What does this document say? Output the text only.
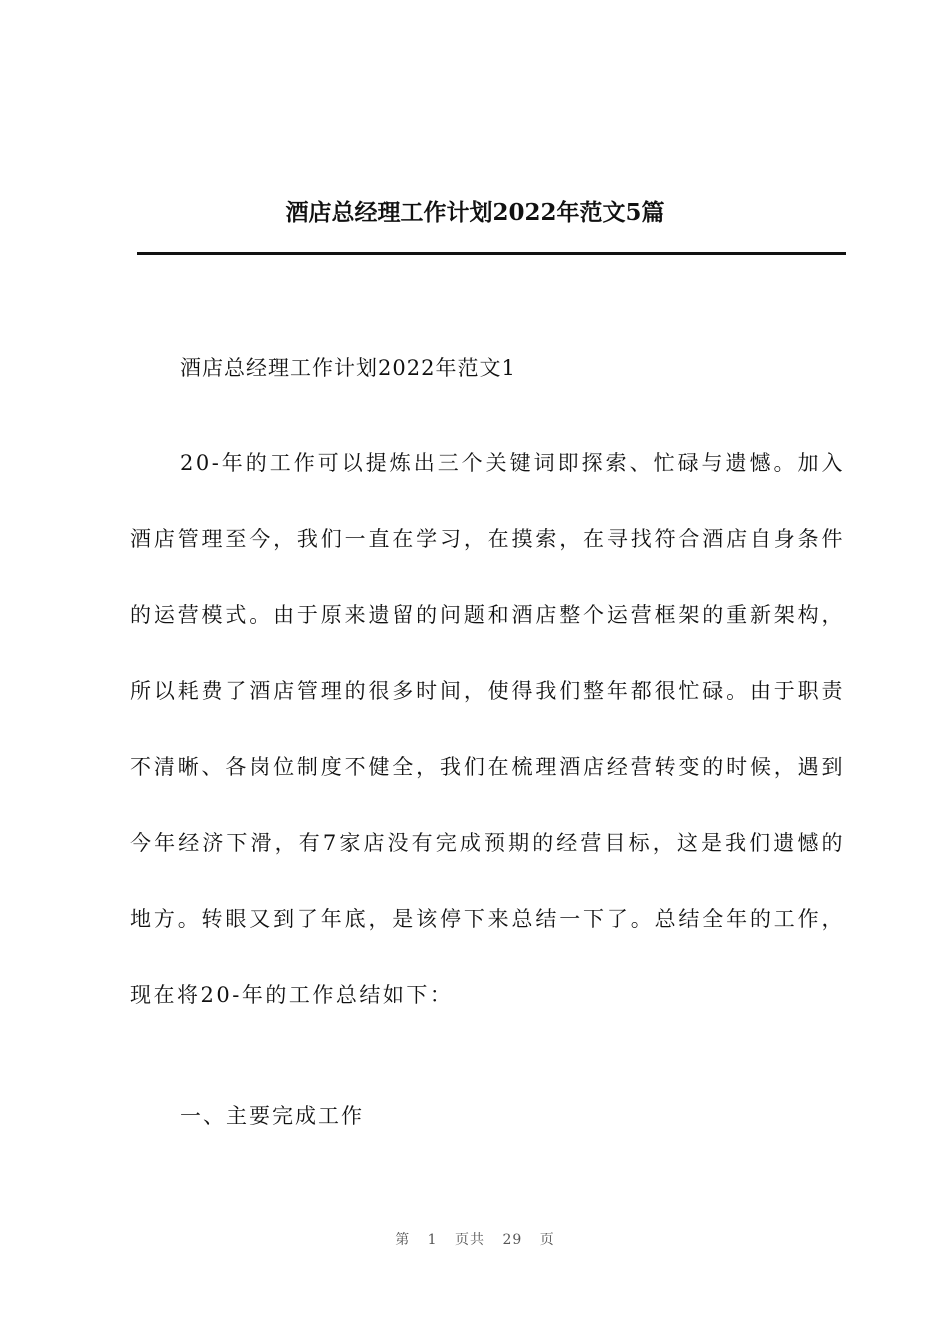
酒店总经理工作计划2022年范文5篇
酒店总经理工作计划2022年范文1

20-年的工作可以提炼出三个关键词即探索、忙碌与遗憾。加入酒店管理至今，我们一直在学习，在摸索，在寻找符合酒店自身条件的运营模式。由于原来遗留的问题和酒店整个运营框架的重新架构，所以耗费了酒店管理的很多时间，使得我们整年都很忙碌。由于职责不清晰、各岗位制度不健全，我们在梳理酒店经营转变的时候，遇到今年经济下滑，有7家店没有完成预期的经营目标，这是我们遗憾的地方。转眼又到了年底，是该停下来总结一下了。总结全年的工作，现在将20-年的工作总结如下：

一、主要完成工作
第 1 页共 29 页
